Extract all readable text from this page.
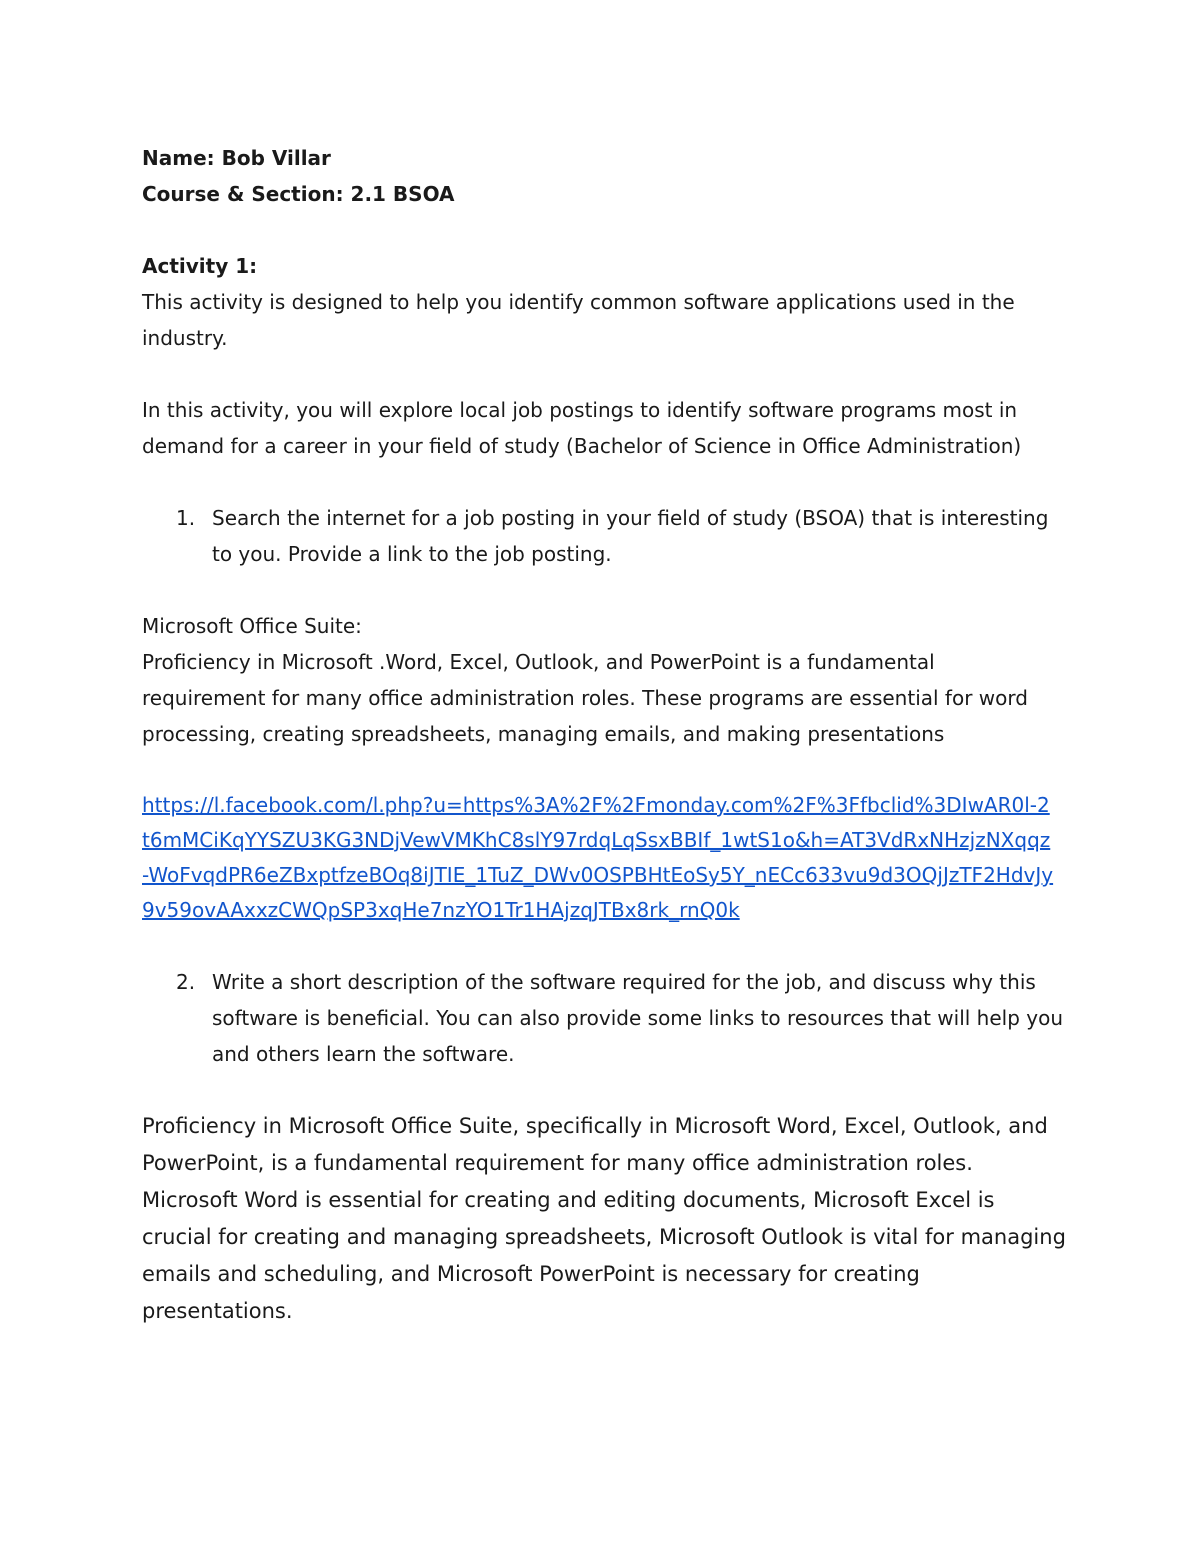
Name: Bob Villar
Course & Section: 2.1 BSOA
Activity 1:
This activity is designed to help you identify common software applications used in the industry.
In this activity, you will explore local job postings to identify software programs most in demand for a career in your field of study (Bachelor of Science in Office Administration)
1. Search the internet for a job posting in your field of study (BSOA) that is interesting to you. Provide a link to the job posting.
Microsoft Office Suite:
Proficiency in Microsoft .Word, Excel, Outlook, and PowerPoint is a fundamental requirement for many office administration roles. These programs are essential for word processing, creating spreadsheets, managing emails, and making presentations
https://l.facebook.com/l.php?u=https%3A%2F%2Fmonday.com%2F%3Ffbclid%3DIwAR0l-2t6mMCiKqYYSZU3KG3NDjVewVMKhC8slY97rdqLqSsxBBIf_1wtS1o&h=AT3VdRxNHzjzNXqqz-WoFvqdPR6eZBxptfzeBOq8iJTIE_1TuZ_DWv0OSPBHtEoSy5Y_nECc633vu9d3OQjJzTF2HdvJy9v59ovAAxxzCWQpSP3xqHe7nzYO1Tr1HAjzqJTBx8rk_rnQ0k
2. Write a short description of the software required for the job, and discuss why this software is beneficial. You can also provide some links to resources that will help you and others learn the software.
Proficiency in Microsoft Office Suite, specifically in Microsoft Word, Excel, Outlook, and PowerPoint, is a fundamental requirement for many office administration roles. Microsoft Word is essential for creating and editing documents, Microsoft Excel is crucial for creating and managing spreadsheets, Microsoft Outlook is vital for managing emails and scheduling, and Microsoft PowerPoint is necessary for creating presentations.
